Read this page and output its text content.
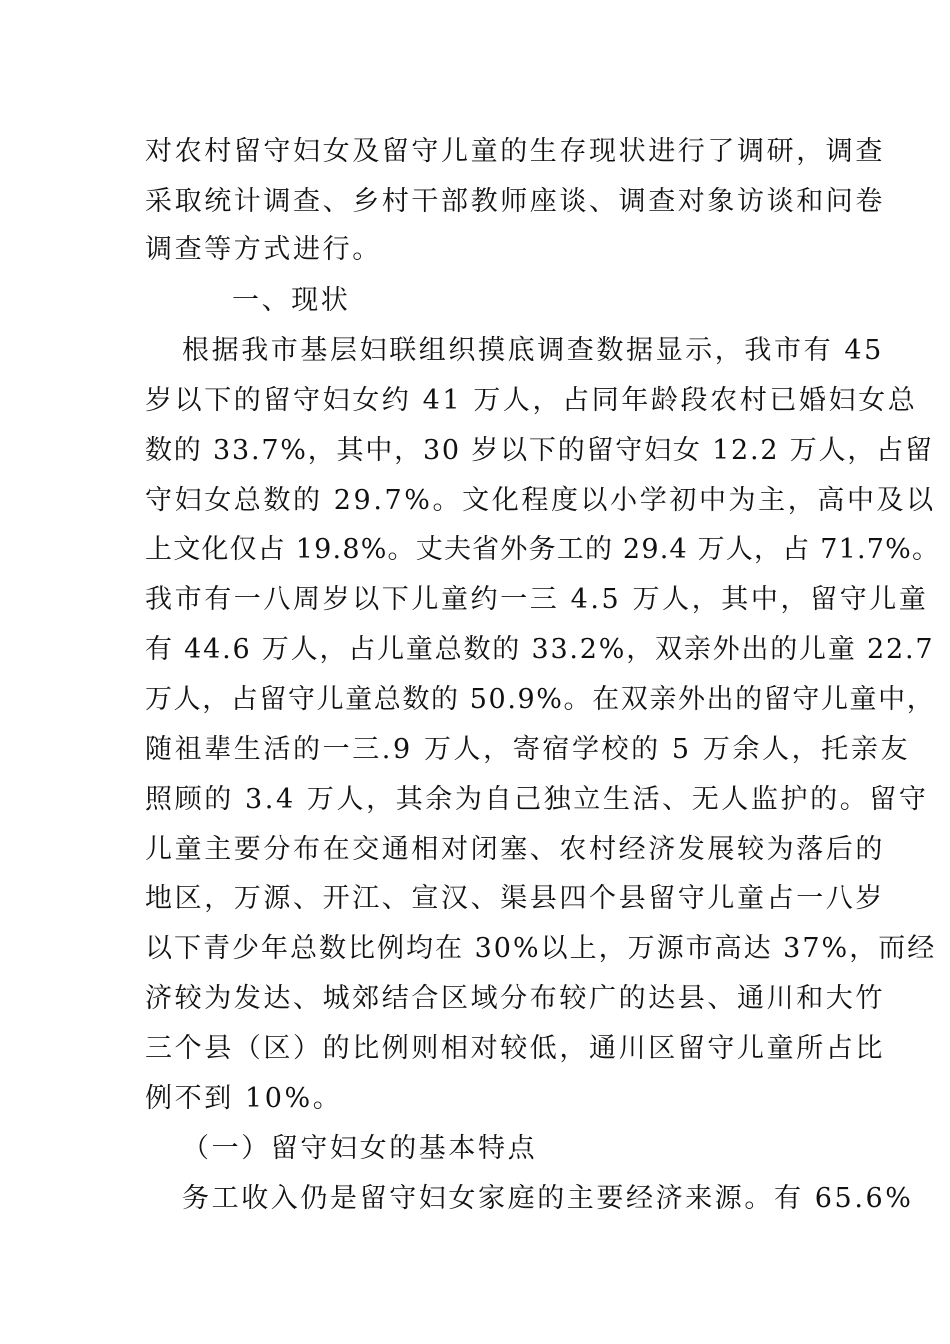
对农村留守妇女及留守儿童的生存现状进行了调研，调查
采取统计调查、乡村干部教师座谈、调查对象访谈和问卷
调查等方式进行。
一、现状
根据我市基层妇联组织摸底调查数据显示，我市有 45
岁以下的留守妇女约 41 万人，占同年龄段农村已婚妇女总
数的 33.7%，其中，30 岁以下的留守妇女 12.2 万人，占留
守妇女总数的 29.7%。文化程度以小学初中为主，高中及以
上文化仅占 19.8%。丈夫省外务工的 29.4 万人，占 71.7%。
我市有一八周岁以下儿童约一三 4.5 万人，其中，留守儿童
有 44.6 万人，占儿童总数的 33.2%，双亲外出的儿童 22.7
万人，占留守儿童总数的 50.9%。在双亲外出的留守儿童中，
随祖辈生活的一三.9 万人，寄宿学校的 5 万余人，托亲友
照顾的 3.4 万人，其余为自己独立生活、无人监护的。留守
儿童主要分布在交通相对闭塞、农村经济发展较为落后的
地区，万源、开江、宣汉、渠县四个县留守儿童占一八岁
以下青少年总数比例均在 30%以上，万源市高达 37%，而经
济较为发达、城郊结合区域分布较广的达县、通川和大竹
三个县（区）的比例则相对较低，通川区留守儿童所占比
例不到 10%。
（一）留守妇女的基本特点
务工收入仍是留守妇女家庭的主要经济来源。有 65.6%
